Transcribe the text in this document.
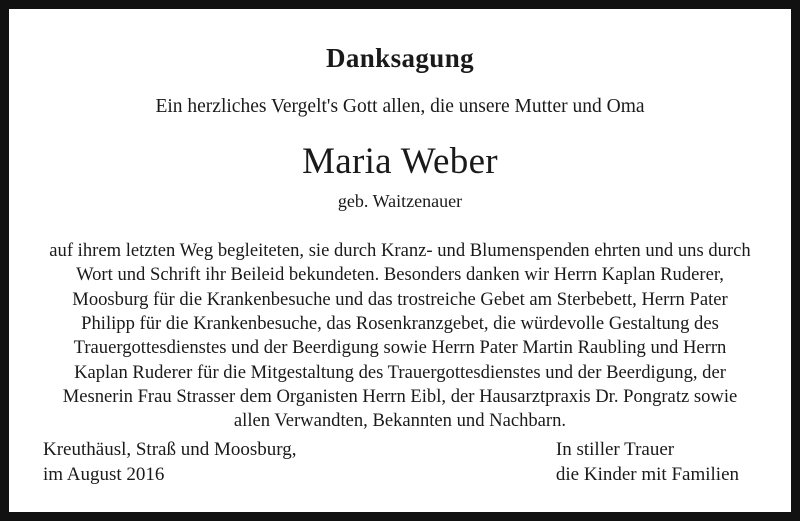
Danksagung
Ein herzliches Vergelt's Gott allen, die unsere Mutter und Oma
Maria Weber
geb. Waitzenauer
auf ihrem letzten Weg begleiteten, sie durch Kranz- und Blumenspenden ehrten und uns durch Wort und Schrift ihr Beileid bekundeten. Besonders danken wir Herrn Kaplan Ruderer, Moosburg für die Krankenbesuche und das trostreiche Gebet am Sterbebett, Herrn Pater Philipp für die Krankenbesuche, das Rosenkranzgebet, die würdevolle Gestaltung des Trauergottesdienstes und der Beerdigung sowie Herrn Pater Martin Raubling und Herrn Kaplan Ruderer für die Mitgestaltung des Trauergottesdienstes und der Beerdigung, der Mesnerin Frau Strasser dem Organisten Herrn Eibl, der Hausarztpraxis Dr. Pongratz sowie allen Verwandten, Bekannten und Nachbarn.
Kreuthäusl, Straß und Moosburg,
im August 2016
In stiller Trauer
die Kinder mit Familien
